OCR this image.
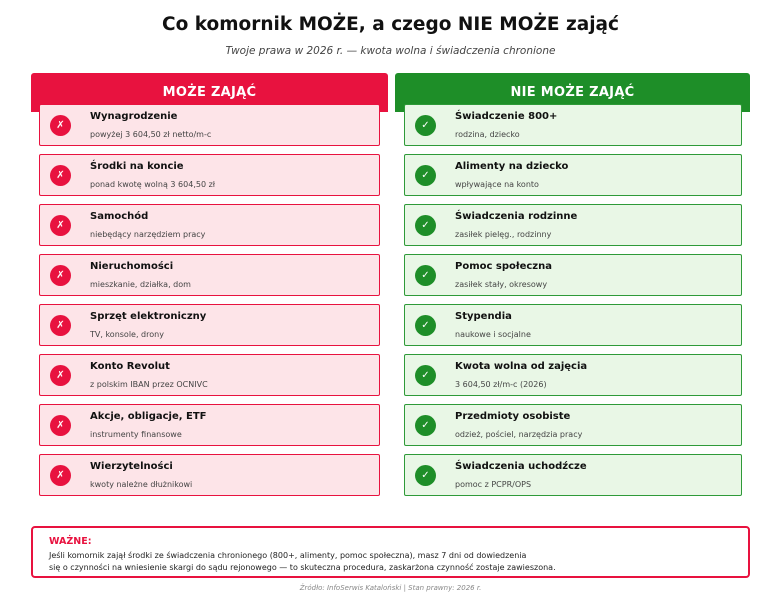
Co komornik MOŻE, a czego NIE MOŻE zająć
Twoje prawa w 2026 r. — kwota wolna i świadczenia chronione
MOŻE ZAJĄĆ
✗
Wynagrodzenie
powyżej 3 604,50 zł netto/m-c
✗
Środki na koncie
ponad kwotę wolną 3 604,50 zł
✗
Samochód
niebędący narzędziem pracy
✗
Nieruchomości
mieszkanie, działka, dom
✗
Sprzęt elektroniczny
TV, konsole, drony
✗
Konto Revolut
z polskim IBAN przez OCNIVC
✗
Akcje, obligacje, ETF
instrumenty finansowe
✗
Wierzytelności
kwoty należne dłużnikowi
NIE MOŻE ZAJĄĆ
✓
Świadczenie 800+
rodzina, dziecko
✓
Alimenty na dziecko
wpływające na konto
✓
Świadczenia rodzinne
zasiłek pielęg., rodzinny
✓
Pomoc społeczna
zasiłek stały, okresowy
✓
Stypendia
naukowe i socjalne
✓
Kwota wolna od zajęcia
3 604,50 zł/m-c (2026)
✓
Przedmioty osobiste
odzież, pościel, narzędzia pracy
✓
Świadczenia uchodźcze
pomoc z PCPR/OPS
WAŻNE:
Jeśli komornik zajął środki ze świadczenia chronionego (800+, alimenty, pomoc społeczna), masz 7 dni od dowiedzenia
się o czynności na wniesienie skargi do sądu rejonowego — to skuteczna procedura, zaskarżona czynność zostaje zawieszona.
Źródło: InfoSerwis Kataloński | Stan prawny: 2026 r.
